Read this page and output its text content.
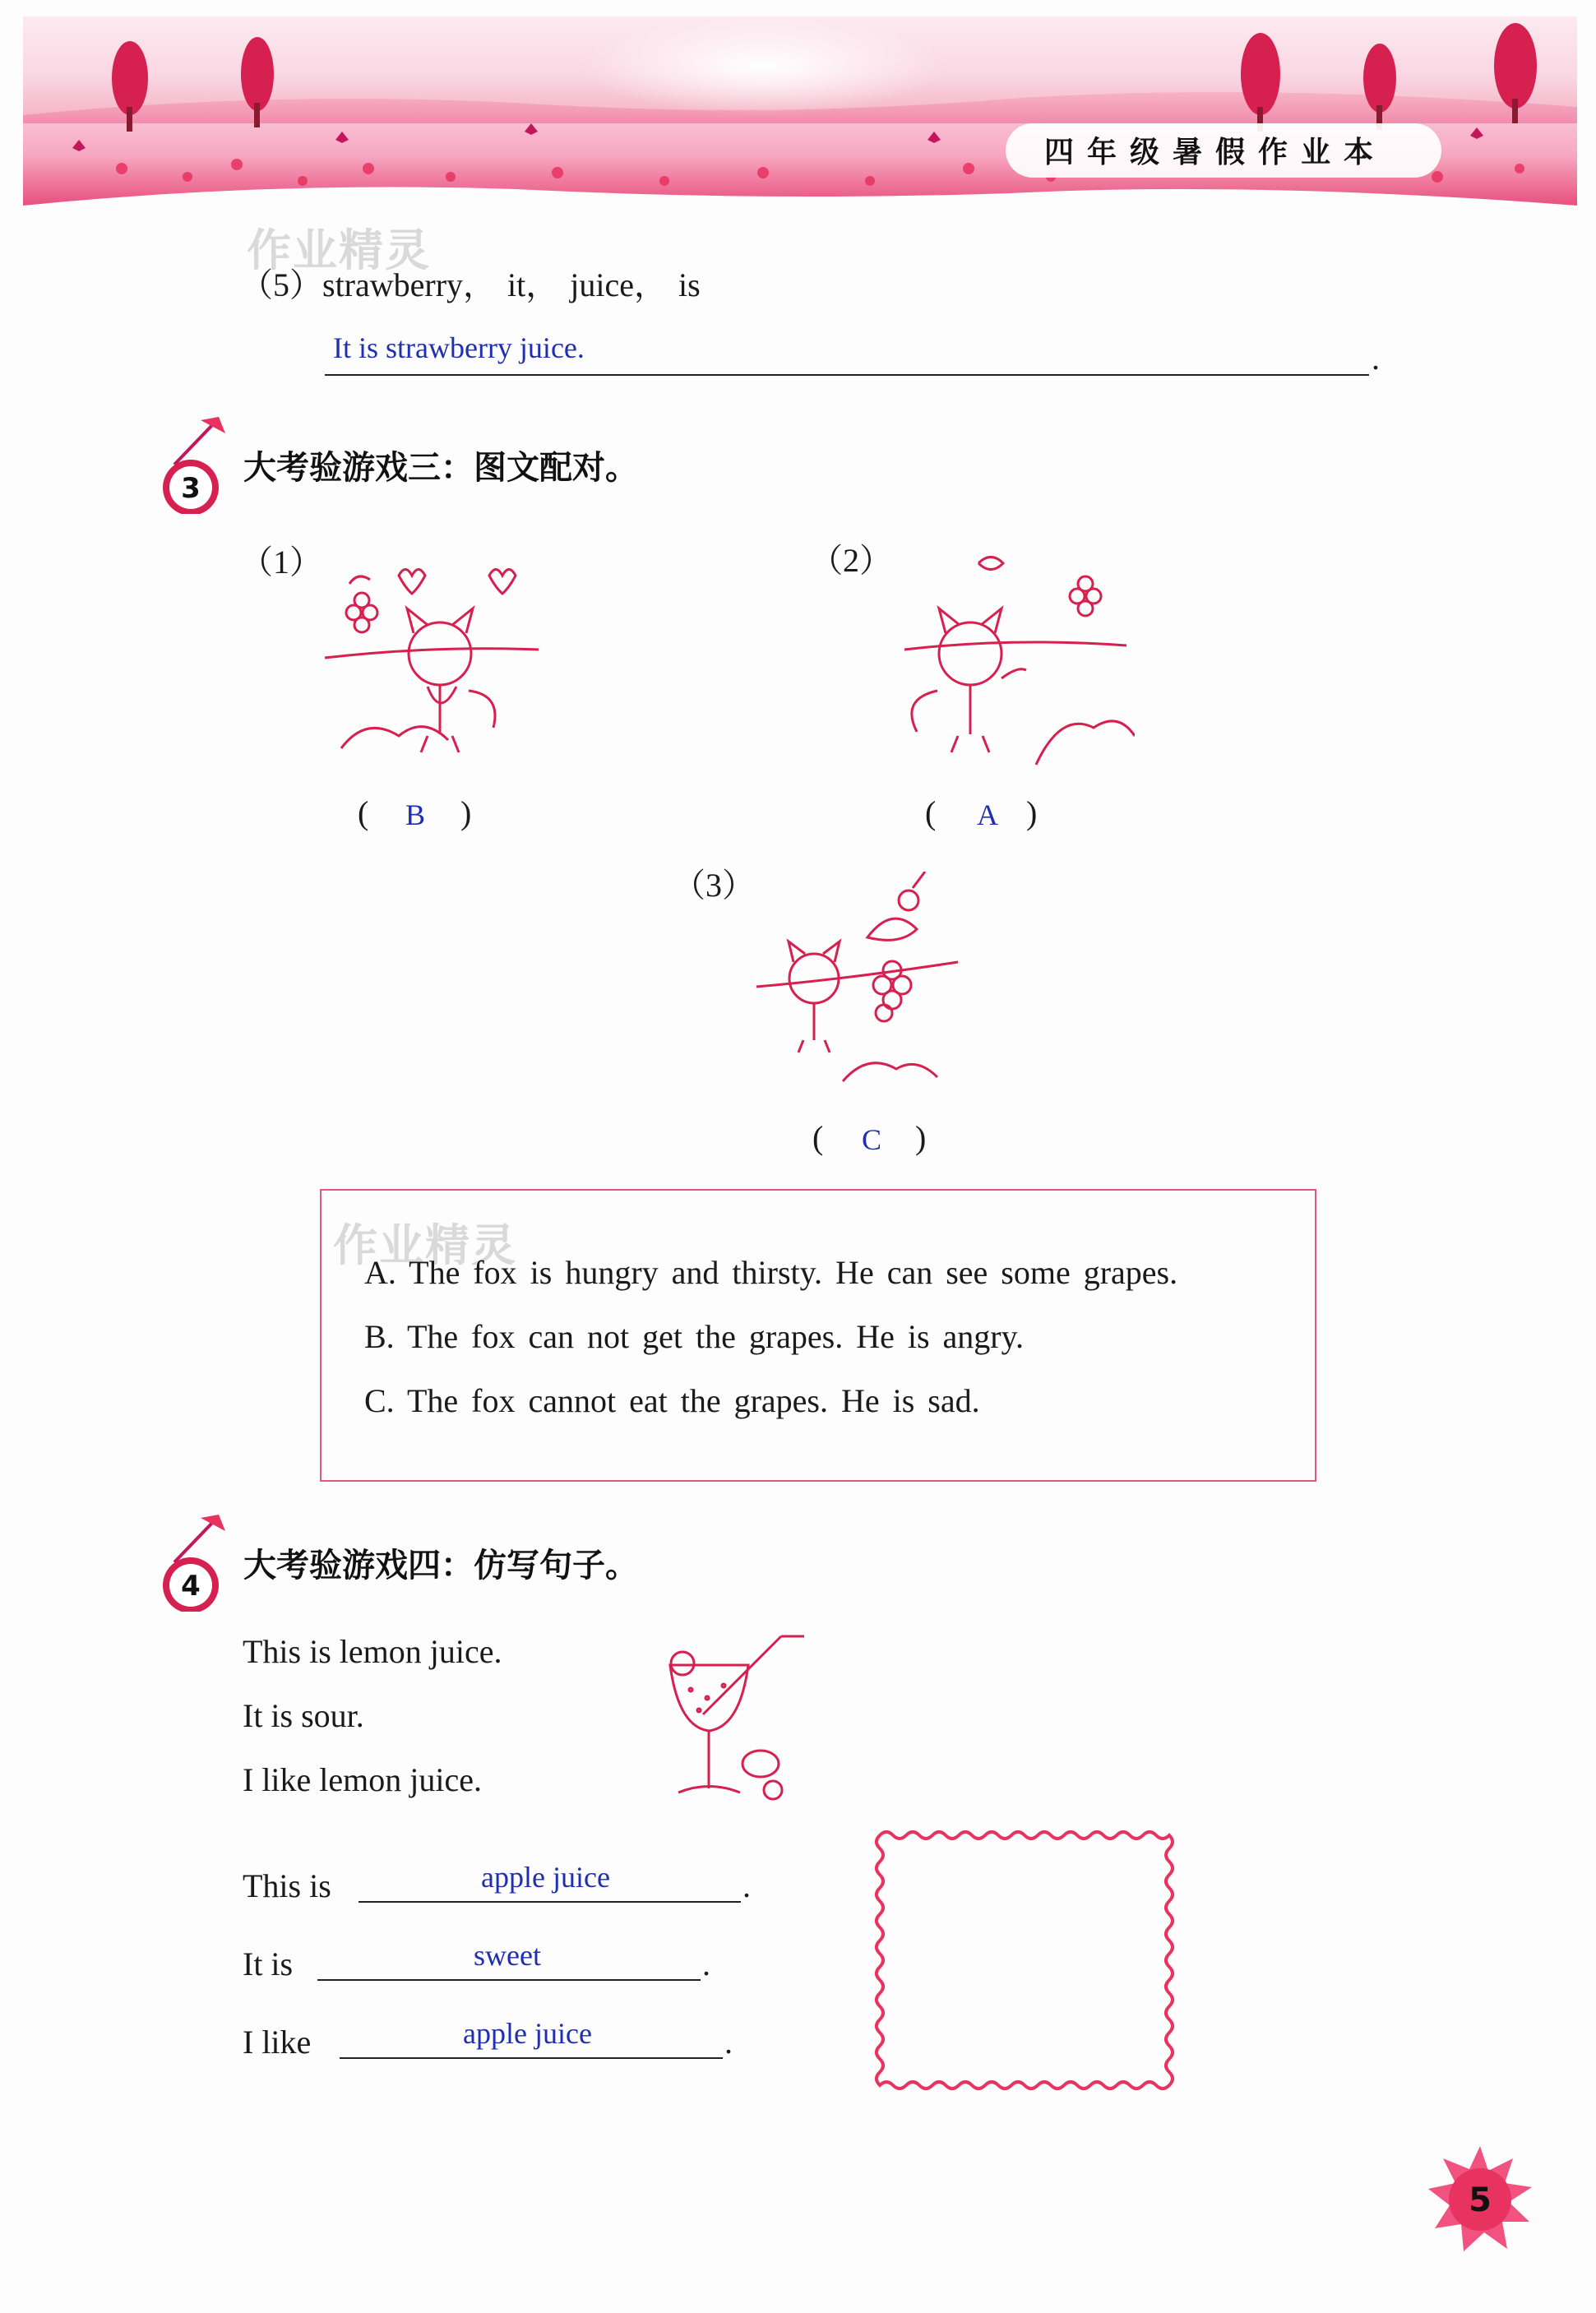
四 年 级 暑 假 作 业 本
作业精灵
（5） strawberry， it， juice， is
It is strawberry juice.	.
3
大考验游戏三：图文配对。
（1）
( B )
（2）
( A )
（3）
( C )
作业精灵
A. The fox is hungry and thirsty. He can see some grapes.
B. The fox can not get the grapes. He is angry.
C. The fox cannot eat the grapes. He is sad.
4
大考验游戏四：仿写句子。
This is lemon juice.
It is sour.
I like lemon juice.
This is	apple juice	.
It is	sweet	.
I like	apple juice	.
5
